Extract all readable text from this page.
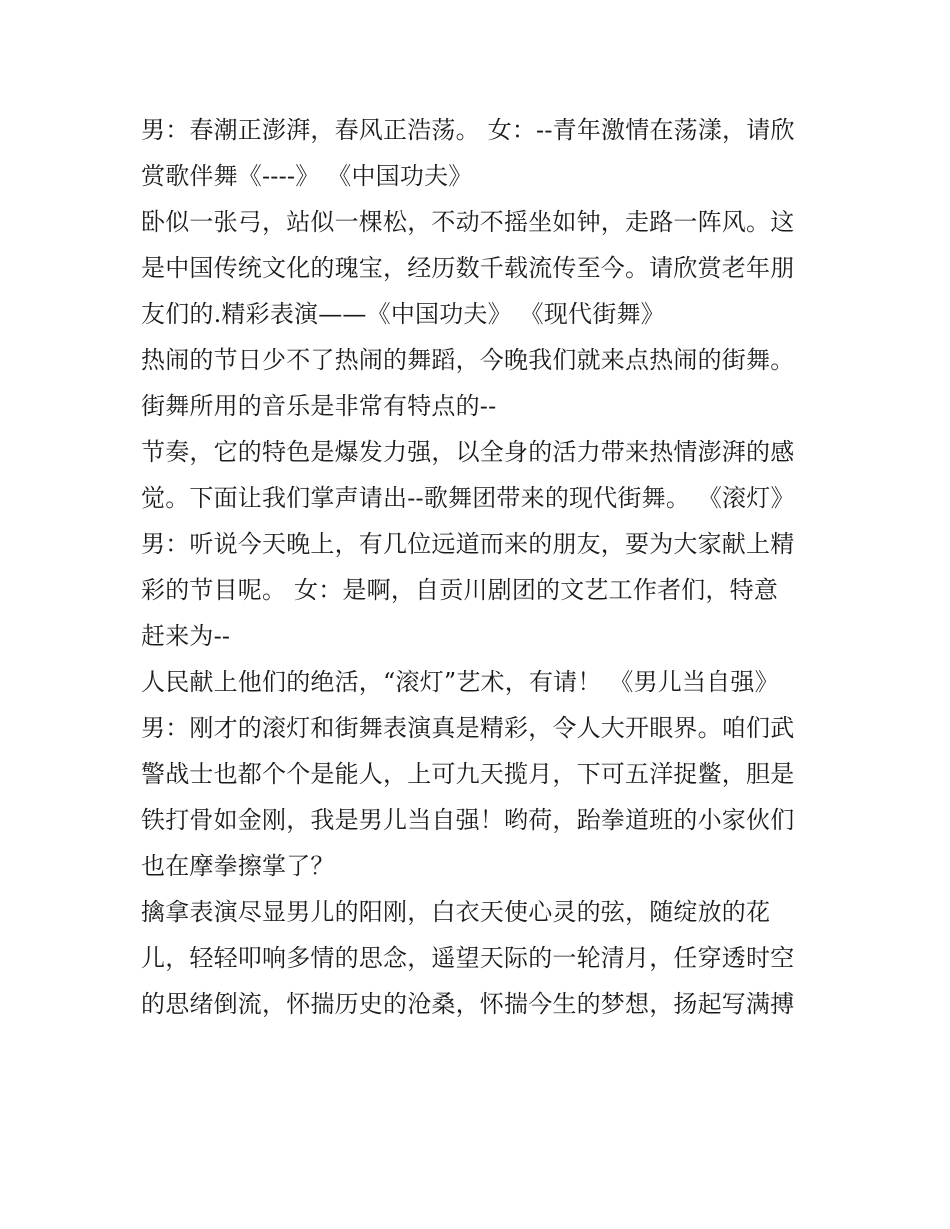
男：春潮正澎湃，春风正浩荡。 女：--青年激情在荡漾，请欣
赏歌伴舞《----》 《中国功夫》
卧似一张弓，站似一棵松，不动不摇坐如钟，走路一阵风。这
是中国传统文化的瑰宝，经历数千载流传至今。请欣赏老年朋
友们的.精彩表演——《中国功夫》 《现代街舞》
热闹的节日少不了热闹的舞蹈，今晚我们就来点热闹的街舞。
街舞所用的音乐是非常有特点的--
节奏，它的特色是爆发力强，以全身的活力带来热情澎湃的感
觉。下面让我们掌声请出--歌舞团带来的现代街舞。 《滚灯》
男：听说今天晚上，有几位远道而来的朋友，要为大家献上精
彩的节目呢。 女：是啊，自贡川剧团的文艺工作者们，特意
赶来为--
人民献上他们的绝活，“滚灯”艺术，有请！ 《男儿当自强》
男：刚才的滚灯和街舞表演真是精彩，令人大开眼界。咱们武
警战士也都个个是能人，上可九天揽月，下可五洋捉鳖，胆是
铁打骨如金刚，我是男儿当自强！哟荷，跆拳道班的小家伙们
也在摩拳擦掌了？
擒拿表演尽显男儿的阳刚，白衣天使心灵的弦，随绽放的花
儿，轻轻叩响多情的思念，遥望天际的一轮清月，任穿透时空
的思绪倒流，怀揣历史的沧桑，怀揣今生的梦想，扬起写满搏
